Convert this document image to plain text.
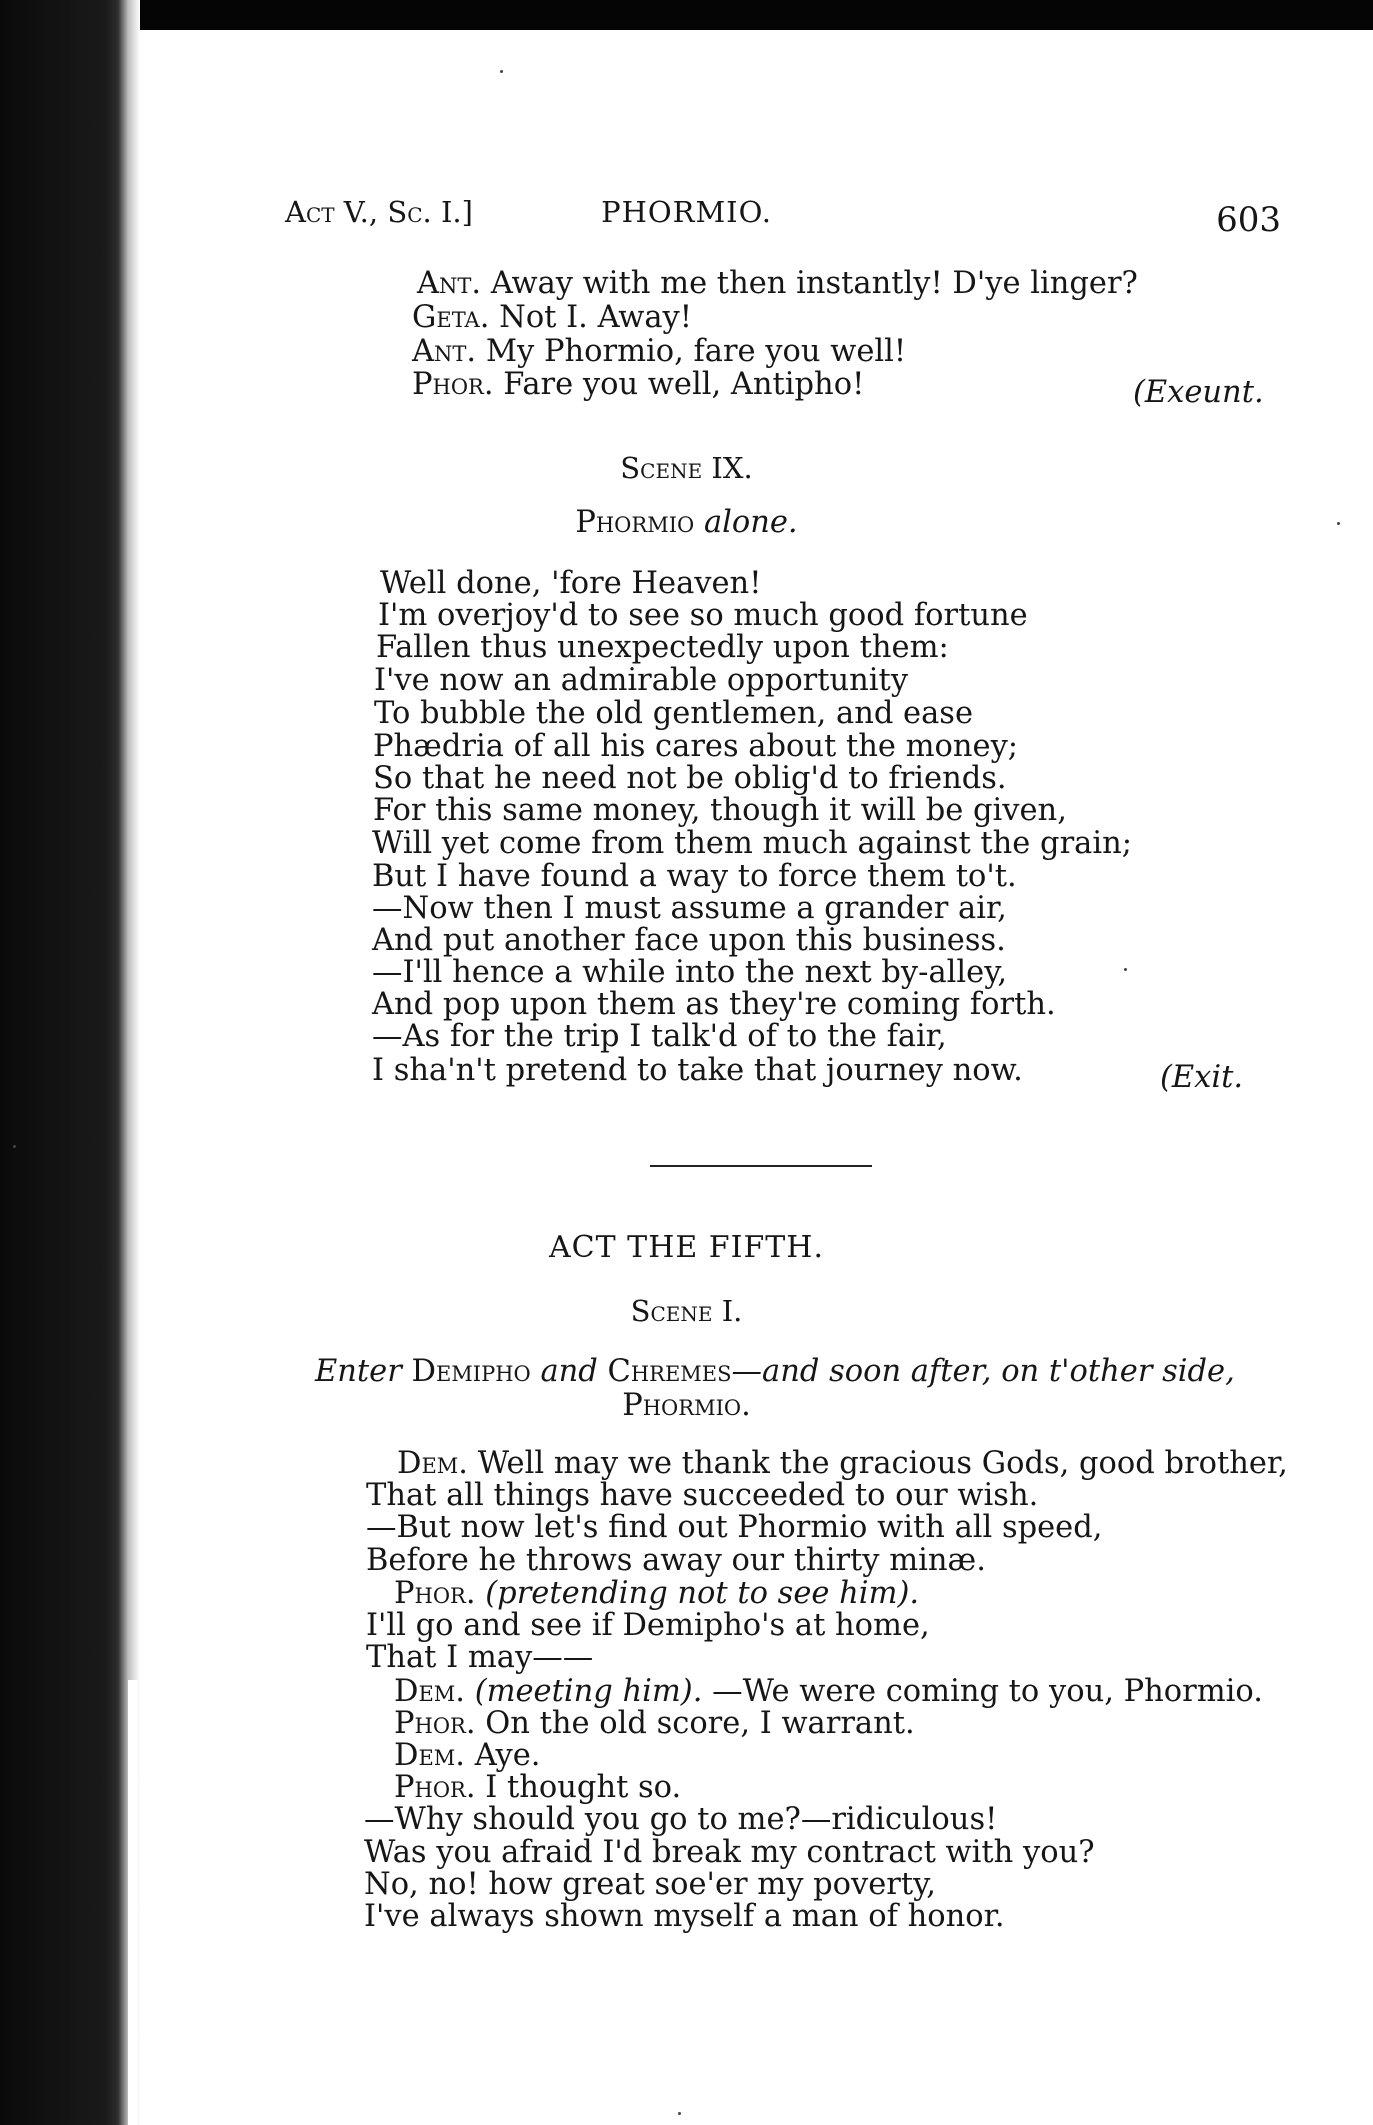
Act V., Sc. I.]	PHORMIO.	603
Ant. Away with me then instantly! D'ye linger?
Geta. Not I. Away!
Ant. My Phormio, fare you well!
Phor. Fare you well, Antipho!	(Exeunt.
Scene IX.
Phormio alone.
Well done, 'fore Heaven!
I'm overjoy'd to see so much good fortune
Fallen thus unexpectedly upon them:
I've now an admirable opportunity
To bubble the old gentlemen, and ease
Phædria of all his cares about the money;
So that he need not be oblig'd to friends.
For this same money, though it will be given,
Will yet come from them much against the grain;
But I have found a way to force them to't.
—Now then I must assume a grander air,
And put another face upon this business.
—I'll hence a while into the next by-alley,
And pop upon them as they're coming forth.
—As for the trip I talk'd of to the fair,
I sha'n't pretend to take that journey now.	(Exit.
ACT THE FIFTH.
Scene I.
Enter Demipho and Chremes—and soon after, on t'other side,
Phormio.
Dem. Well may we thank the gracious Gods, good brother,
That all things have succeeded to our wish.
—But now let's find out Phormio with all speed,
Before he throws away our thirty minæ.
Phor. (pretending not to see him).
I'll go and see if Demipho's at home,
That I may——
Dem. (meeting him). —We were coming to you, Phormio.
Phor. On the old score, I warrant.
Dem. Aye.
Phor. I thought so.
—Why should you go to me?—ridiculous!
Was you afraid I'd break my contract with you?
No, no! how great soe'er my poverty,
I've always shown myself a man of honor.
